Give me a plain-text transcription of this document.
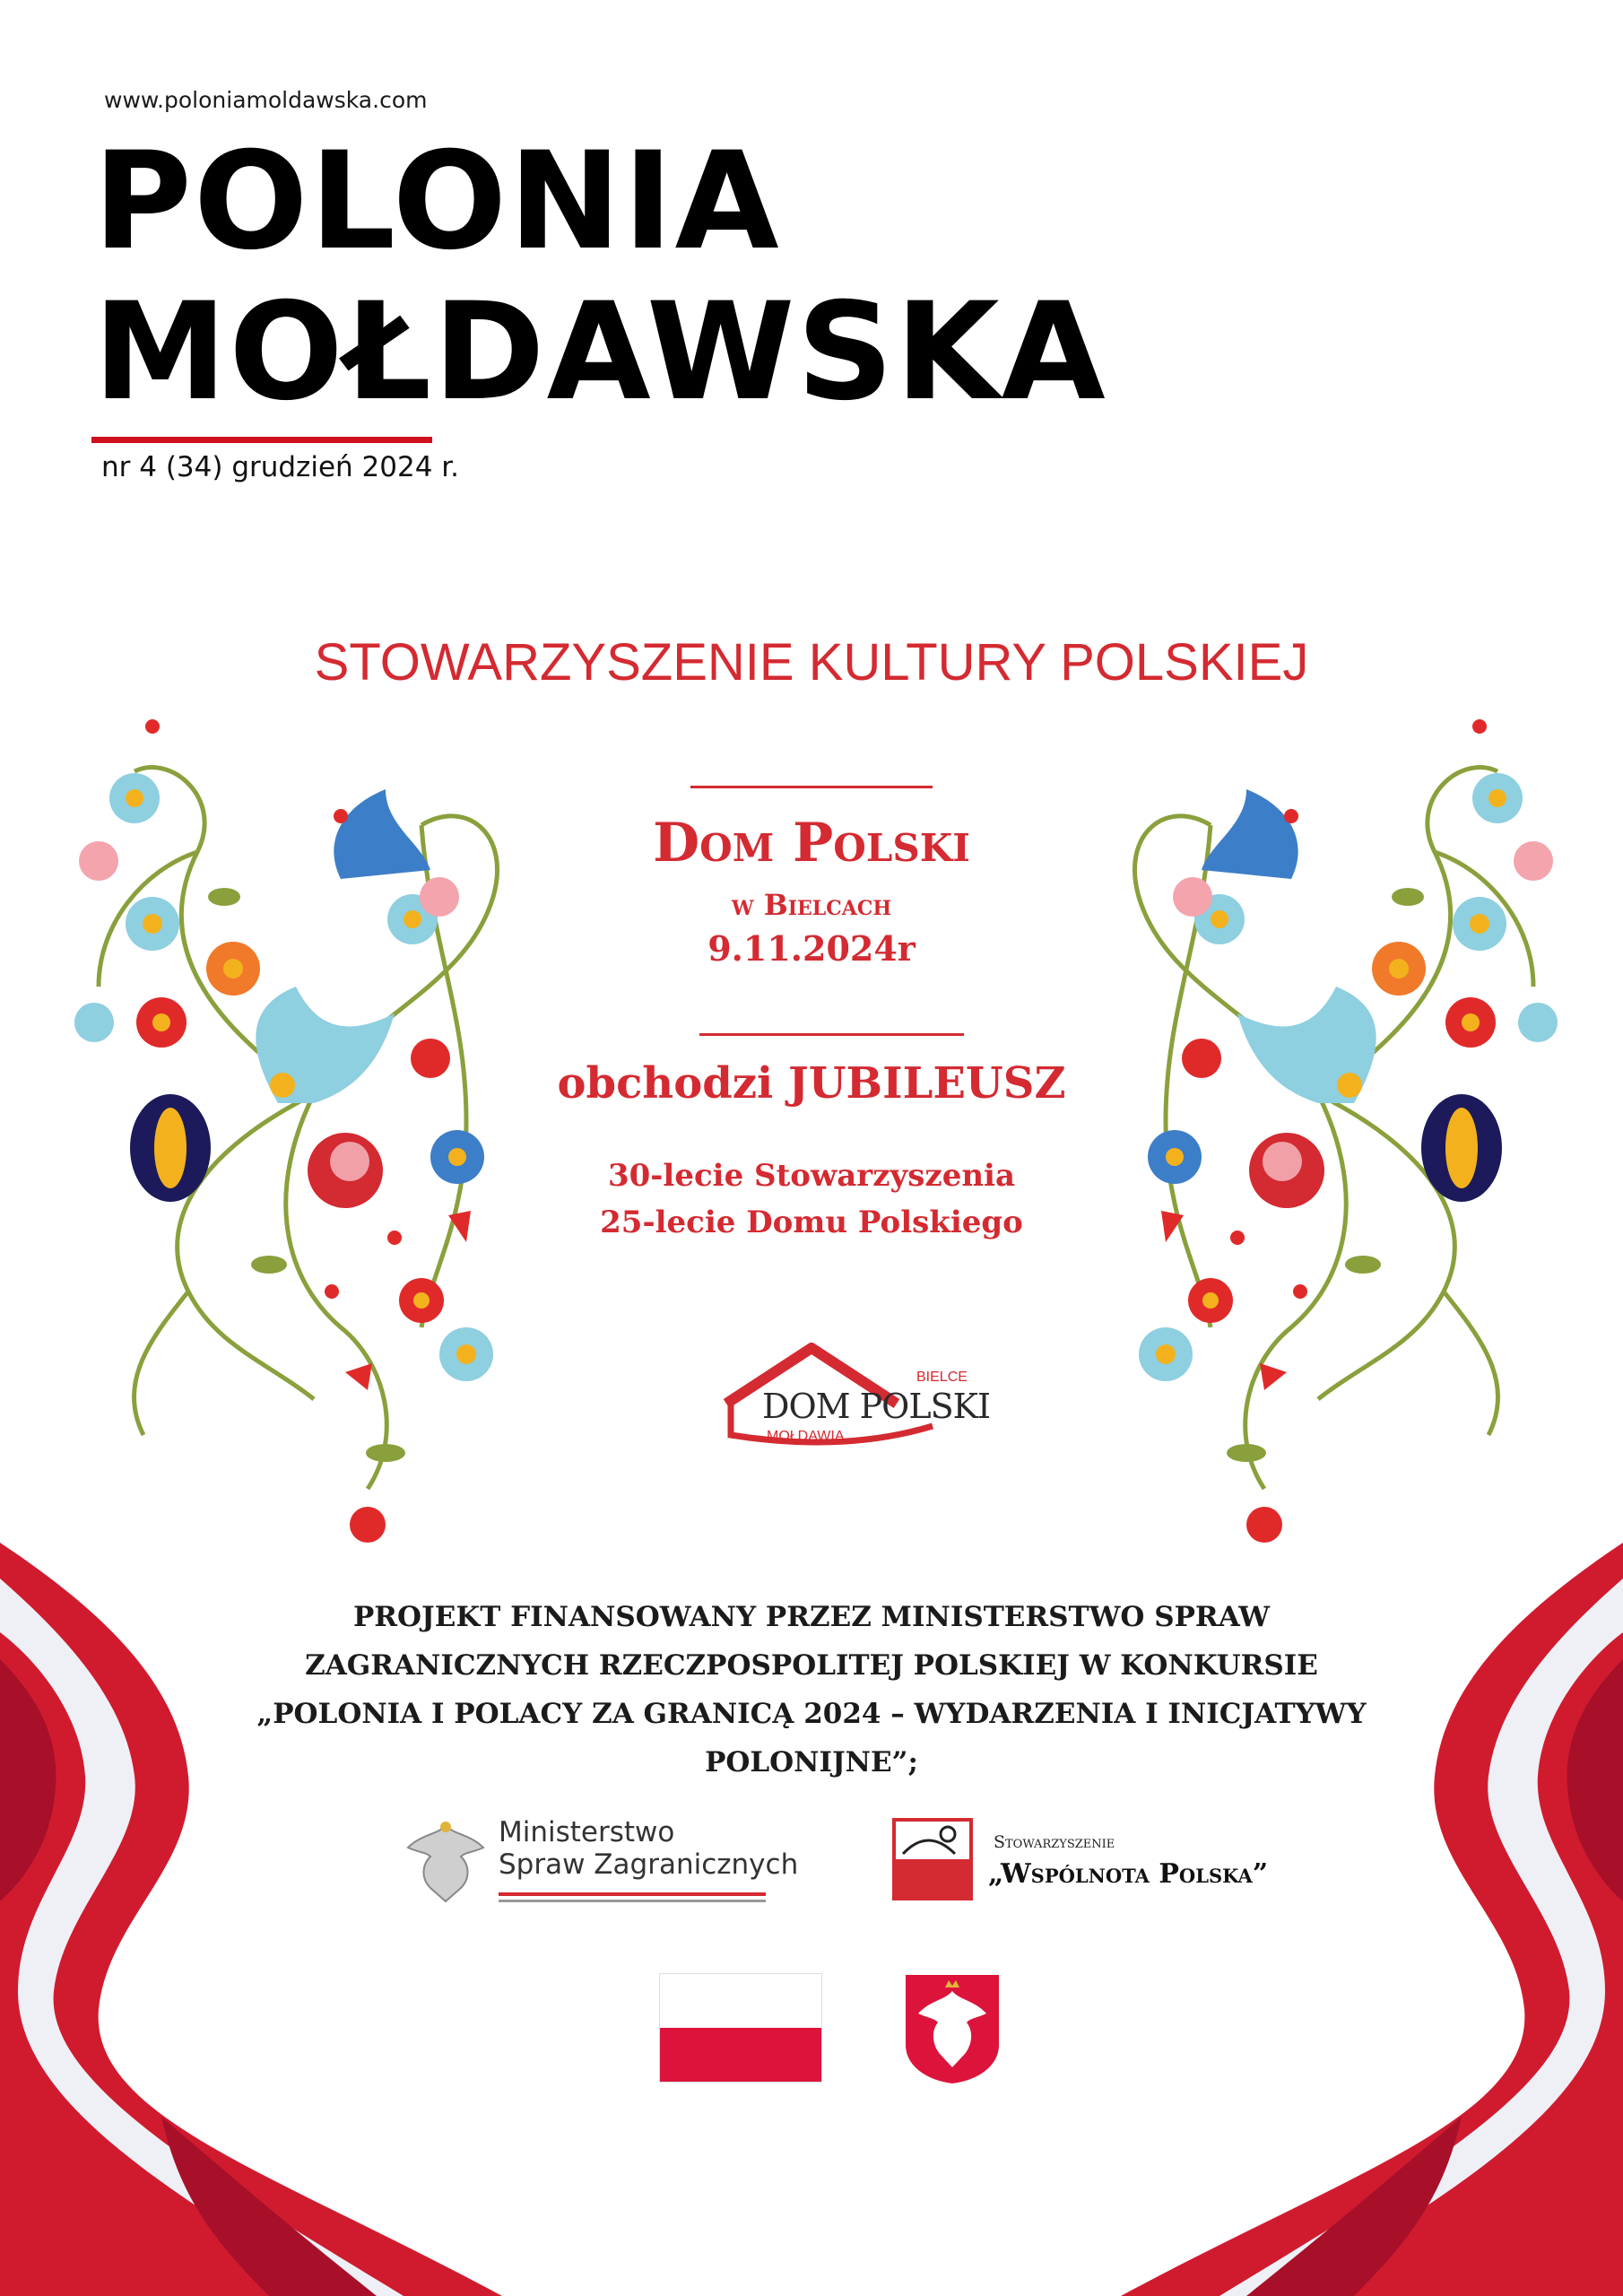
www.poloniamoldawska.com
POLONIA
MOŁDAWSKA
nr 4 (34) grudzień 2024 r.
STOWARZYSZENIE KULTURY POLSKIEJ
Dom Polski
w Bielcach
9.11.2024r
obchodzi JUBILEUSZ
30-lecie Stowarzyszenia
25-lecie Domu Polskiego
BIELCE
DOM POLSKI
MOŁDAWIA
PROJEKT FINANSOWANY PRZEZ MINISTERSTWO SPRAW ZAGRANICZNYCH RZECZPOSPOLITEJ POLSKIEJ W KONKURSIE „POLONIA I POLACY ZA GRANICĄ 2024 – WYDARZENIA I INICJATYWY POLONIJNE”;
Ministerstwo
Spraw Zagranicznych
Stowarzyszenie
„Wspólnota Polska”
